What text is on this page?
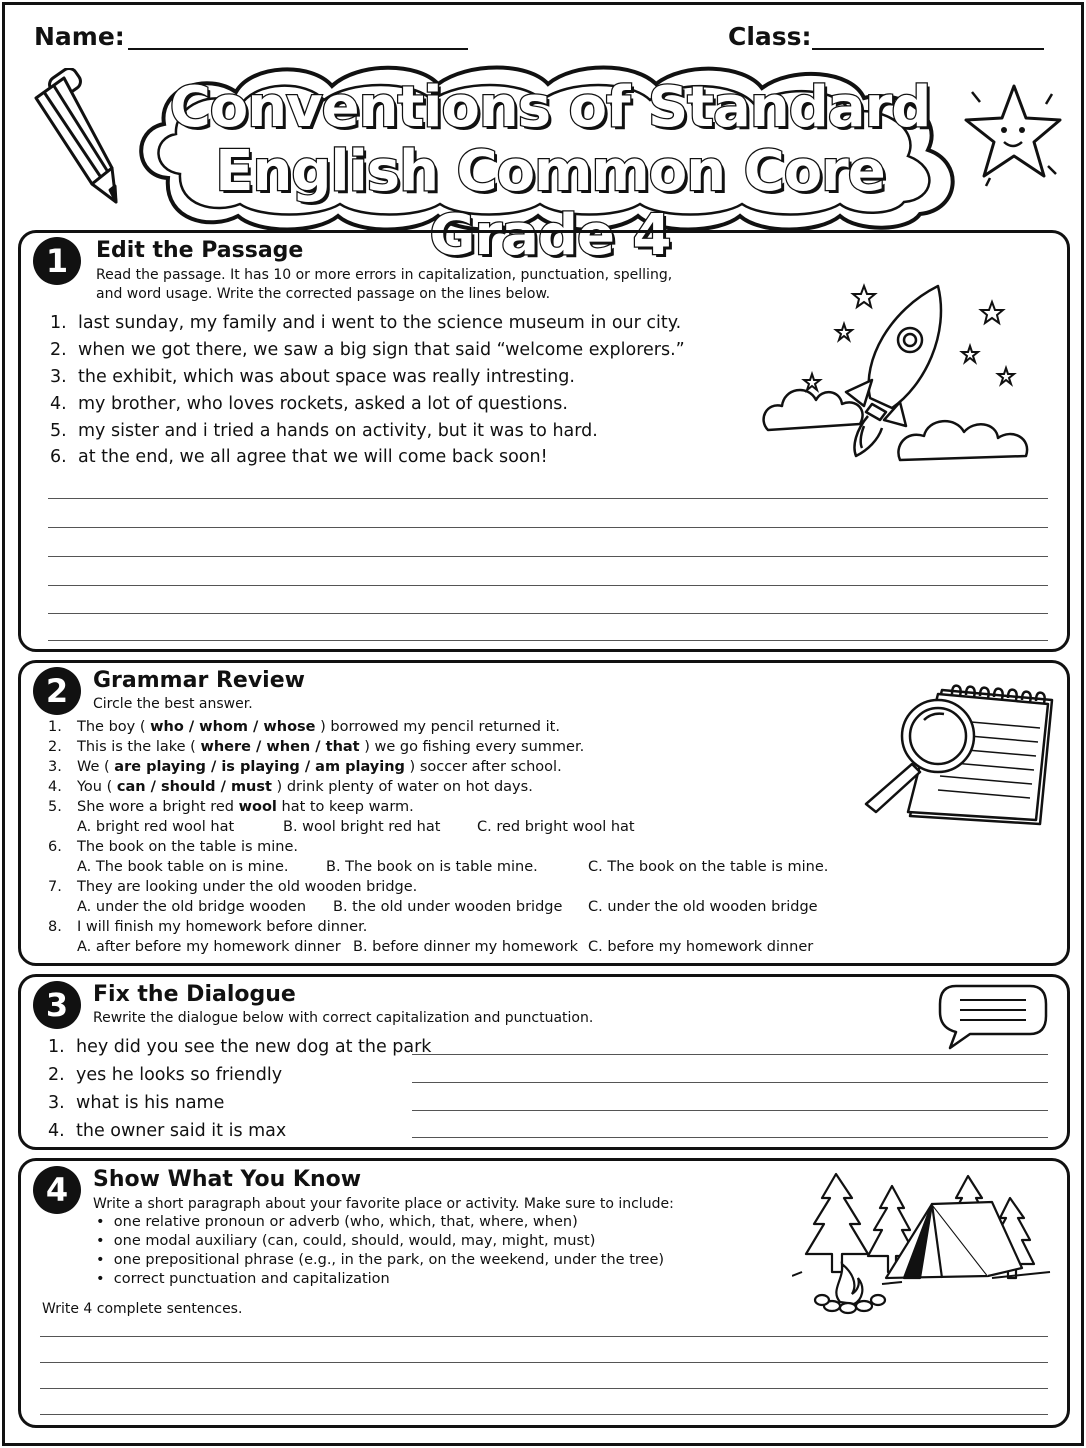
Name:	Class:
Conventions of Standard
English Common Core Grade 4
1	Edit the Passage
Read the passage. It has 10 or more errors in capitalization, punctuation, spelling,
and word usage. Write the corrected passage on the lines below.
1. last sunday, my family and i went to the science museum in our city.
2. when we got there, we saw a big sign that said “welcome explorers.”
3. the exhibit, which was about space was really intresting.
4. my brother, who loves rockets, asked a lot of questions.
5. my sister and i tried a hands on activity, but it was to hard.
6. at the end, we all agree that we will come back soon!
2	Grammar Review
Circle the best answer.
1. The boy ( who / whom / whose ) borrowed my pencil returned it.
2. This is the lake ( where / when / that ) we go fishing every summer.
3. We ( are playing / is playing / am playing ) soccer after school.
4. You ( can / should / must ) drink plenty of water on hot days.
5. She wore a bright red wool hat to keep warm.
A. bright red wool hat	B. wool bright red hat	C. red bright wool hat
6. The book on the table is mine.
A. The book table on is mine.	B. The book on is table mine.	C. The book on the table is mine.
7. They are looking under the old wooden bridge.
A. under the old bridge wooden B. the old under wooden bridge C. under the old wooden bridge
8. I will finish my homework before dinner.
A. after before my homework dinner B. before dinner my homework C. before my homework dinner
3	Fix the Dialogue
Rewrite the dialogue below with correct capitalization and punctuation.
1. hey did you see the new dog at the park
2. yes he looks so friendly
3. what is his name
4. the owner said it is max
4	Show What You Know
Write a short paragraph about your favorite place or activity. Make sure to include:
•  one relative pronoun or adverb (who, which, that, where, when)
•  one modal auxiliary (can, could, should, would, may, might, must)
•  one prepositional phrase (e.g., in the park, on the weekend, under the tree)
•  correct punctuation and capitalization
Write 4 complete sentences.
